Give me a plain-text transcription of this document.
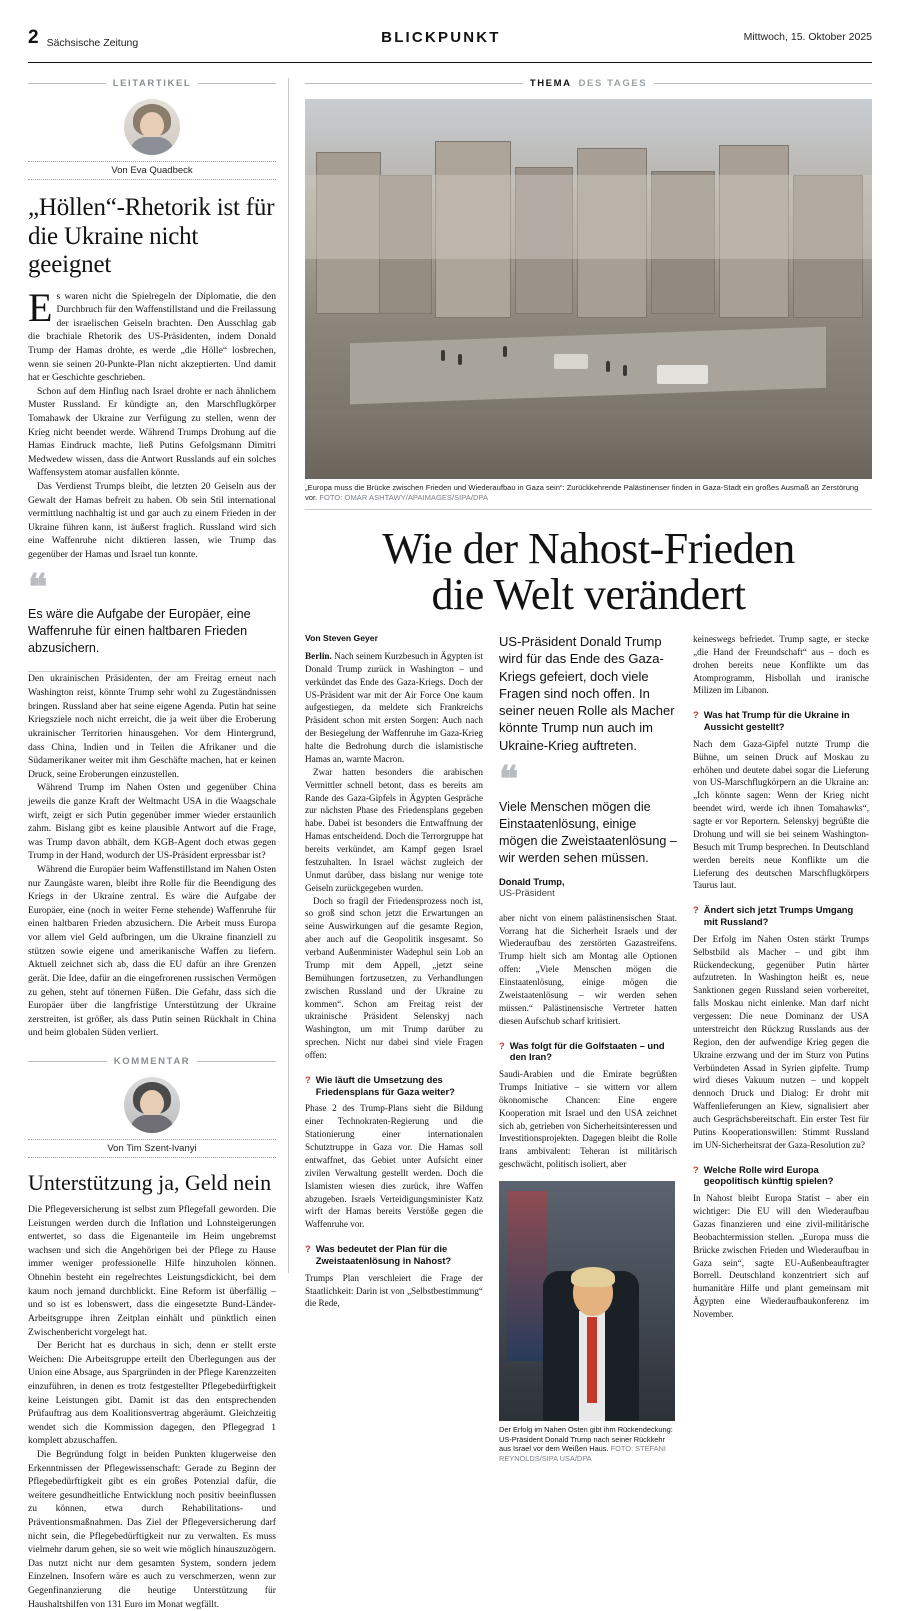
2 Sächsische Zeitung	BLICKPUNKT	Mittwoch, 15. Oktober 2025
LEITARTIKEL
Von Eva Quadbeck
„Höllen“-Rhetorik ist für die Ukraine nicht geeignet

Es waren nicht die Spielregeln der Diplomatie, die den Durchbruch für den Waffenstillstand und die Freilassung der israelischen Geiseln brachten. Den Ausschlag gab die brachiale Rhetorik des US-Präsidenten, indem Donald Trump der Hamas drohte, es werde „die Hölle“ losbrechen, wenn sie seinen 20-Punkte-Plan nicht akzeptierten. Und damit hat er Geschichte geschrieben.

Schon auf dem Hinflug nach Israel drohte er nach ähnlichem Muster Russland. Er kündigte an, den Marschflugkörper Tomahawk der Ukraine zur Verfügung zu stellen, wenn der Krieg nicht beendet werde. Während Trumps Drohung auf die Hamas Eindruck machte, ließ Putins Gefolgsmann Dimitri Medwedew wissen, dass die Antwort Russlands auf ein solches Waffensystem atomar ausfallen könnte.

Das Verdienst Trumps bleibt, die letzten 20 Geiseln aus der Gewalt der Hamas befreit zu haben. Ob sein Stil international vermittlung nachhaltig ist und gar auch zu einem Frieden in der Ukraine führen kann, ist äußerst fraglich. Russland wird sich eine Waffenruhe nicht diktieren lassen, wie Trump das gegenüber der Hamas und Israel tun konnte.

❝
Es wäre die Aufgabe der Europäer, eine Waffenruhe für einen haltbaren Frieden abzusichern.

Den ukrainischen Präsidenten, der am Freitag erneut nach Washington reist, könnte Trump sehr wohl zu Zugeständnissen bringen. Russland aber hat seine eigene Agenda. Putin hat seine Kriegsziele noch nicht erreicht, die ja weit über die Eroberung ukrainischer Territorien hinausgehen. Vor dem Hintergrund, dass China, Indien und in Teilen die Afrikaner und die Südamerikaner weiter mit ihm Geschäfte machen, hat er keinen Druck, seine Eroberungen einzustellen.

Während Trump im Nahen Osten und gegenüber China jeweils die ganze Kraft der Weltmacht USA in die Waagschale wirft, zeigt er sich Putin gegenüber immer wieder erstaunlich zahm. Bislang gibt es keine plausible Antwort auf die Frage, was Trump davon abhält, dem KGB-Agent doch etwas gegen Trump in der Hand, wodurch der US-Präsident erpressbar ist?

Während die Europäer beim Waffenstillstand im Nahen Osten nur Zaungäste waren, bleibt ihre Rolle für die Beendigung des Kriegs in der Ukraine zentral. Es wäre die Aufgabe der Europäer, eine (noch in weiter Ferne stehende) Waffenruhe für einen haltbaren Frieden abzusichern. Die Arbeit muss Europa vor allem viel Geld aufbringen, um die Ukraine finanziell zu stützen sowie eigene und amerikanische Waffen zu liefern. Aktuell zeichnet sich ab, dass die EU dafür an ihre Grenzen gerät. Die Idee, dafür an die eingefrorenen russischen Vermögen zu gehen, steht auf tönernen Füßen. Die Gefahr, dass sich die Europäer über die langfristige Unterstützung der Ukraine zerstreiten, ist größer, als dass Putin seinen Rückhalt in China und beim globalen Süden verliert.

KOMMENTAR
Von Tim Szent-Ivanyi
Unterstützung ja, Geld nein

Die Pflegeversicherung ist selbst zum Pflegefall geworden. Die Leistungen werden durch die Inflation und Lohnsteigerungen entwertet, so dass die Eigenanteile im Heim ungebremst wachsen und sich die Angehörigen bei der Pflege zu Hause immer weniger professionelle Hilfe hinzuholen können. Ohnehin besteht ein regelrechtes Leistungsdickicht, bei dem kaum noch jemand durchblickt. Eine Reform ist überfällig – und so ist es lobenswert, dass die eingesetzte Bund-Länder-Arbeitsgruppe ihren Zeitplan einhält und pünktlich einen Zwischenbericht vorgelegt hat.

Der Bericht hat es durchaus in sich, denn er stellt erste Weichen: Die Arbeitsgruppe erteilt den Überlegungen aus der Union eine Absage, aus Spargründen in der Pflege Karenzzeiten einzuführen, in denen es trotz festgestellter Pflegebedürftigkeit keine Leistungen gibt. Damit ist das den entsprechenden Prüfauftrag aus dem Koalitionsvertrag abgeräumt. Gleichzeitig wendet sich die Kommission dagegen, den Pflegegrad 1 komplett abzuschaffen.

Die Begründung folgt in beiden Punkten klugerweise den Erkenntnissen der Pflegewissenschaft: Gerade zu Beginn der Pflegebedürftigkeit gibt es ein großes Potenzial dafür, die weitere gesundheitliche Entwicklung noch positiv beeinflussen zu können, etwa durch Rehabilitations- und Präventionsmaßnahmen. Das Ziel der Pflegeversicherung darf nicht sein, die Pflegebedürftigkeit nur zu verwalten. Es muss vielmehr darum gehen, sie so weit wie möglich hinauszuzögern. Das nutzt nicht nur dem gesamten System, sondern jedem Einzelnen. Insofern wäre es auch zu verschmerzen, wenn zur Gegenfinanzierung die heutige Unterstützung für Haushaltshilfen von 131 Euro im Monat wegfällt.

THEMA DES TAGES
„Europa muss die Brücke zwischen Frieden und Wiederaufbau in Gaza sein“: Zurückkehrende Palästinenser finden in Gaza-Stadt ein großes Ausmaß an Zerstörung vor. FOTO: OMAR ASHTAWY/APAIMAGES/SIPA/DPA
Wie der Nahost-Frieden
die Welt verändert
Von Steven Geyer

Berlin. Nach seinem Kurzbesuch in Ägypten ist Donald Trump zurück in Washington – und verkündet das Ende des Gaza-Kriegs. Doch der US-Präsident war mit der Air Force One kaum aufgestiegen, da meldete sich Frankreichs Präsident schon mit ersten Sorgen: Auch nach der Besiegelung der Waffenruhe im Gaza-Krieg halte die Bedrohung durch die islamistische Hamas an, warnte Macron.

Zwar hatten besonders die arabischen Vermittler schnell betont, dass es bereits am Rande des Gaza-Gipfels in Ägypten Gespräche zur nächsten Phase des Friedensplans gegeben habe. Dabei ist besonders die Entwaffnung der Hamas entscheidend. Doch die Terrorgruppe hat bereits verkündet, am Kampf gegen Israel festzuhalten. In Israel wächst zugleich der Unmut darüber, dass bislang nur wenige tote Geiseln zurückgegeben wurden.

Doch so fragil der Friedensprozess noch ist, so groß sind schon jetzt die Erwartungen an seine Auswirkungen auf die gesamte Region, aber auch auf die Geopolitik insgesamt. So verband Außenminister Wadephul sein Lob an Trump mit dem Appell, „jetzt seine Bemühungen fortzusetzen, zu Verhandlungen zwischen Russland und der Ukraine zu kommen“. Schon am Freitag reist der ukrainische Präsident Selenskyj nach Washington, um mit Trump darüber zu sprechen. Nicht nur dabei sind viele Fragen offen:

? Wie läuft die Umsetzung des Friedensplans für Gaza weiter?

Phase 2 des Trump-Plans sieht die Bildung einer Technokraten-Regierung und die Stationierung einer internationalen Schutztruppe in Gaza vor. Die Hamas soll entwaffnet, das Gebiet unter Aufsicht einer zivilen Verwaltung gestellt werden. Doch die Islamisten wiesen dies zurück, ihre Waffen abzugeben. Israels Verteidigungsminister Katz wirft der Hamas bereits Verstöße gegen die Waffenruhe vor.

? Was bedeutet der Plan für die Zweistaatenlösung in Nahost?

Trumps Plan verschleiert die Frage der Staatlichkeit: Darin ist von „Selbstbestimmung“ die Rede,

US-Präsident Donald Trump wird für das Ende des Gaza-Kriegs gefeiert, doch viele Fragen sind noch offen. In seiner neuen Rolle als Macher könnte Trump nun auch im Ukraine-Krieg auftreten.
❝
Viele Menschen mögen die Einstaatenlösung, einige mögen die Zweistaatenlösung – wir werden sehen müssen.
Donald Trump,
US-Präsident

aber nicht von einem palästinensischen Staat. Vorrang hat die Sicherheit Israels und der Wiederaufbau des zerstörten Gazastreifens. Trump hielt sich am Montag alle Optionen offen: „Viele Menschen mögen die Einstaatenlösung, einige mögen die Zweistaatenlösung – wir werden sehen müssen.“ Palästinensische Vertreter hatten diesen Aufschub scharf kritisiert.

? Was folgt für die Golfstaaten – und den Iran?

Saudi-Arabien und die Emirate begrüßten Trumps Initiative – sie wittern vor allem ökonomische Chancen: Eine engere Kooperation mit Israel und den USA zeichnet sich ab, getrieben von Sicherheitsinteressen und Investitionsprojekten. Dagegen bleibt die Rolle Irans ambivalent: Teheran ist militärisch geschwächt, politisch isoliert, aber

Der Erfolg im Nahen Osten gibt ihm Rückendeckung: US-Präsident Donald Trump nach seiner Rückkehr aus Israel vor dem Weißen Haus. FOTO: STEFANI REYNOLDS/SIPA USA/DPA

keineswegs befriedet. Trump sagte, er stecke „die Hand der Freundschaft“ aus – doch es drohen bereits neue Konflikte um das Atomprogramm, Hisbollah und iranische Milizen im Libanon.

? Was hat Trump für die Ukraine in Aussicht gestellt?

Nach dem Gaza-Gipfel nutzte Trump die Bühne, um seinen Druck auf Moskau zu erhöhen und deutete dabei sogar die Lieferung von US-Marschflugkörpern an die Ukraine an: „Ich könnte sagen: Wenn der Krieg nicht beendet wird, werde ich ihnen Tomahawks“, sagte er vor Reportern. Selenskyj begrüßte die Drohung und will sie bei seinem Washington-Besuch mit Trump besprechen. In Deutschland werden bereits neue Konflikte um die Lieferung des deutschen Marschflugkörpers Taurus laut.

? Ändert sich jetzt Trumps Umgang mit Russland?

Der Erfolg im Nahen Osten stärkt Trumps Selbstbild als Macher – und gibt ihm Rückendeckung, gegenüber Putin härter aufzutreten. In Washington heißt es, neue Sanktionen gegen Russland seien vorbereitet, falls Moskau nicht einlenke. Man darf nicht vergessen: Die neue Dominanz der USA unterstreicht den Rückzug Russlands aus der Region, den der aufwendige Krieg gegen die Ukraine erzwang und der im Sturz von Putins Verbündeten Assad in Syrien gipfelte. Trump wird dieses Vakuum nutzen – und koppelt dennoch Druck und Dialog: Er droht mit Waffenlieferungen an Kiew, signalisiert aber auch Gesprächsbereitschaft. Ein erster Test für Putins Kooperationswillen: Stimmt Russland im UN-Sicherheitsrat der Gaza-Resolution zu?

? Welche Rolle wird Europa geopolitisch künftig spielen?

In Nahost bleibt Europa Statist – aber ein wichtiger: Die EU will den Wiederaufbau Gazas finanzieren und eine zivil-militärische Beobachtermission stellen. „Europa muss die Brücke zwischen Frieden und Wiederaufbau in Gaza sein“, sagte EU-Außenbeauftragter Borrell. Deutschland konzentriert sich auf humanitäre Hilfe und plant gemeinsam mit Ägypten eine Wiederaufbaukonferenz im November.
